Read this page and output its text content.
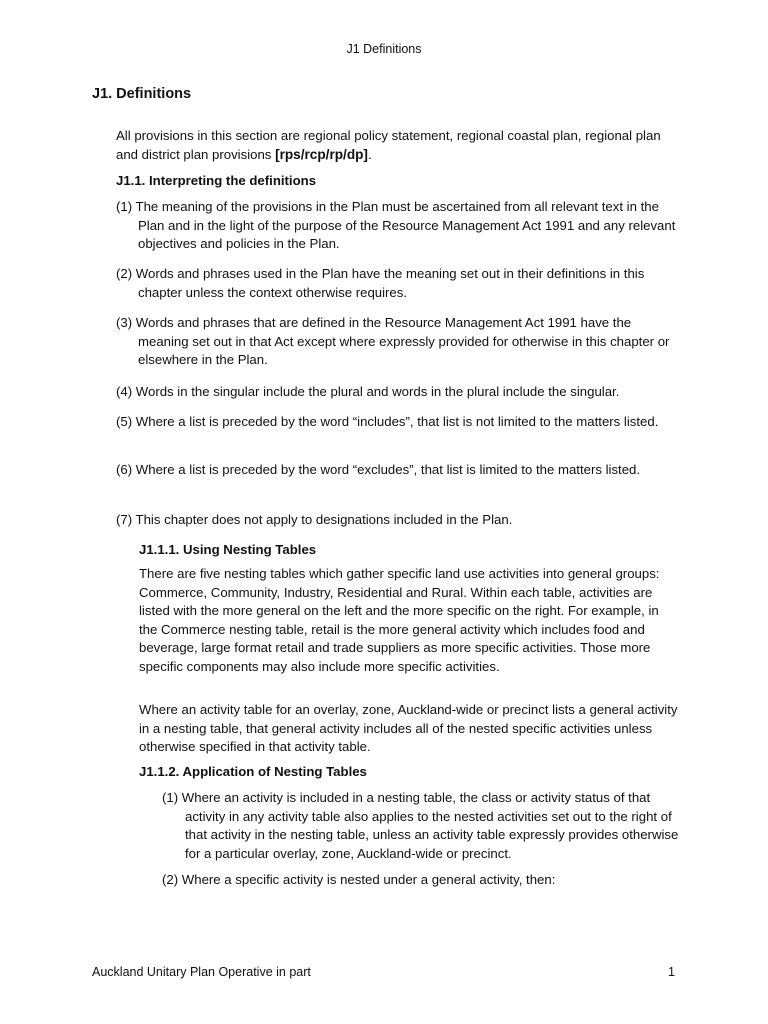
J1 Definitions
J1. Definitions
All provisions in this section are regional policy statement, regional coastal plan, regional plan and district plan provisions [rps/rcp/rp/dp].
J1.1. Interpreting the definitions
(1) The meaning of the provisions in the Plan must be ascertained from all relevant text in the Plan and in the light of the purpose of the Resource Management Act 1991 and any relevant objectives and policies in the Plan.
(2) Words and phrases used in the Plan have the meaning set out in their definitions in this chapter unless the context otherwise requires.
(3) Words and phrases that are defined in the Resource Management Act 1991 have the meaning set out in that Act except where expressly provided for otherwise in this chapter or elsewhere in the Plan.
(4) Words in the singular include the plural and words in the plural include the singular.
(5) Where a list is preceded by the word “includes”, that list is not limited to the matters listed.
(6) Where a list is preceded by the word “excludes”, that list is limited to the matters listed.
(7) This chapter does not apply to designations included in the Plan.
J1.1.1. Using Nesting Tables
There are five nesting tables which gather specific land use activities into general groups: Commerce, Community, Industry, Residential and Rural. Within each table, activities are listed with the more general on the left and the more specific on the right. For example, in the Commerce nesting table, retail is the more general activity which includes food and beverage, large format retail and trade suppliers as more specific activities. Those more specific components may also include more specific activities.
Where an activity table for an overlay, zone, Auckland-wide or precinct lists a general activity in a nesting table, that general activity includes all of the nested specific activities unless otherwise specified in that activity table.
J1.1.2. Application of Nesting Tables
(1) Where an activity is included in a nesting table, the class or activity status of that activity in any activity table also applies to the nested activities set out to the right of that activity in the nesting table, unless an activity table expressly provides otherwise for a particular overlay, zone, Auckland-wide or precinct.
(2) Where a specific activity is nested under a general activity, then:
Auckland Unitary Plan Operative in part	1
